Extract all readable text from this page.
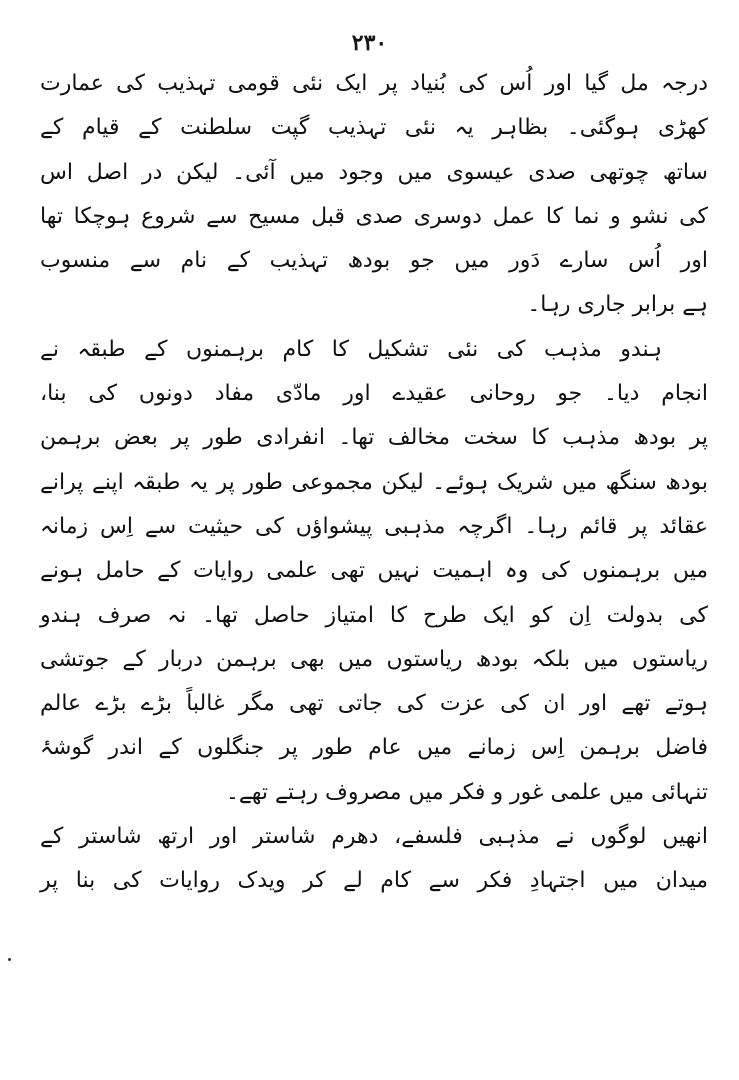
۲۳۰
درجہ مل گیا اور اُس کی بُنیاد پر ایک نئی قومی تہذیب کی عمارت
کھڑی ہوگئی۔ بظاہر یہ نئی تہذیب گپت سلطنت کے قیام کے
ساتھ چوتھی صدی عیسوی میں وجود میں آئی۔ لیکن در اصل اس
کی نشو و نما کا عمل دوسری صدی قبل مسیح سے شروع ہوچکا تھا
اور اُس سارے دَور میں جو بودھ تہذیب کے نام سے منسوب
ہے برابر جاری رہا۔
ہندو مذہب کی نئی تشکیل کا کام برہمنوں کے طبقہ نے
انجام دیا۔ جو روحانی عقیدے اور مادّی مفاد دونوں کی بنا،
پر بودھ مذہب کا سخت مخالف تھا۔ انفرادی طور پر بعض برہمن
بودھ سنگھ میں شریک ہوئے۔ لیکن مجموعی طور پر یہ طبقہ اپنے پرانے
عقائد پر قائم رہا۔ اگرچہ مذہبی پیشواؤں کی حیثیت سے اِس زمانہ
میں برہمنوں کی وہ اہمیت نہیں تھی علمی روایات کے حامل ہونے
کی بدولت اِن کو ایک طرح کا امتیاز حاصل تھا۔ نہ صرف ہندو
ریاستوں میں بلکہ بودھ ریاستوں میں بھی برہمن دربار کے جوتشی
ہوتے تھے اور ان کی عزت کی جاتی تھی مگر غالباً بڑے بڑے عالم
فاضل برہمن اِس زمانے میں عام طور پر جنگلوں کے اندر گوشۂ
تنہائی میں علمی غور و فکر میں مصروف رہتے تھے۔
انھیں لوگوں نے مذہبی فلسفے، دھرم شاستر اور ارتھ شاستر کے
میدان میں اجتہادِ فکر سے کام لے کر ویدک روایات کی بنا پر
